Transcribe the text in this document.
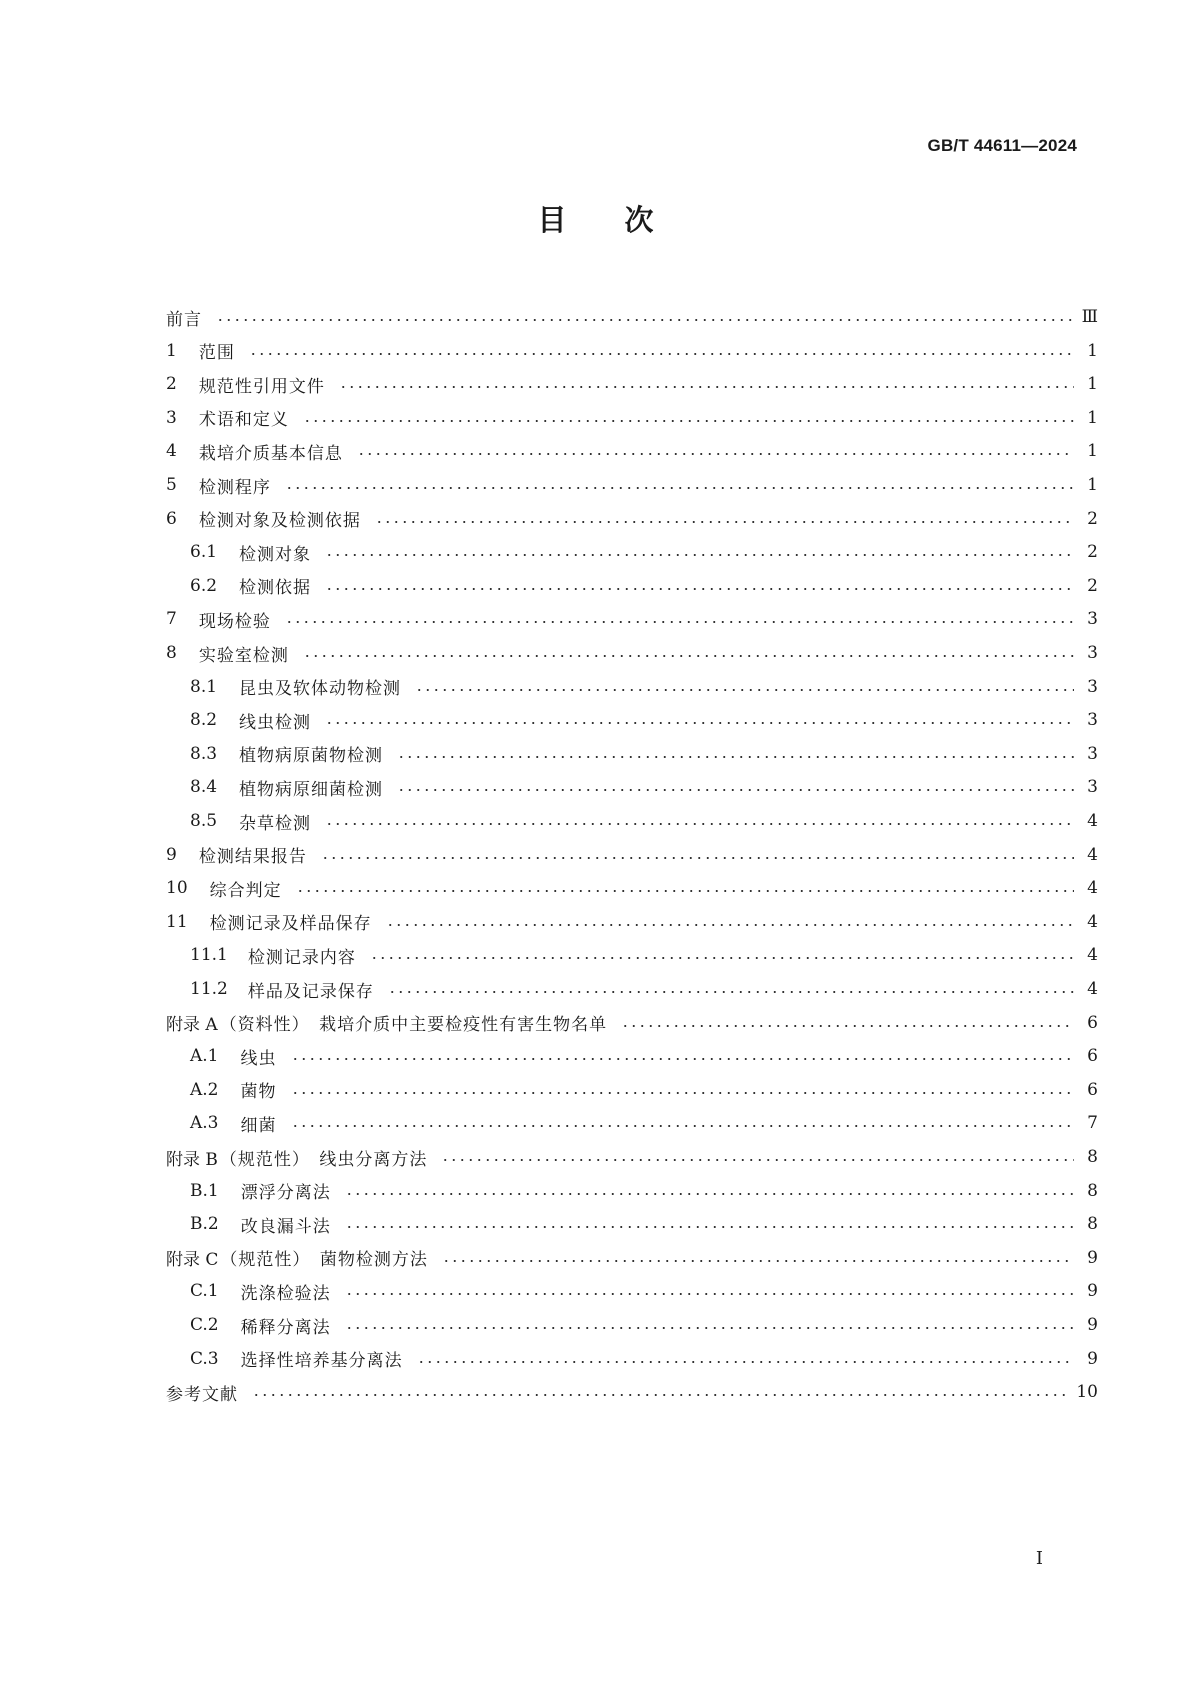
GB/T 44611—2024
目 次
前言	Ⅲ
1 范围	1
2 规范性引用文件	1
3 术语和定义	1
4 栽培介质基本信息	1
5 检测程序	1
6 检测对象及检测依据	2
6.1 检测对象	2
6.2 检测依据	2
7 现场检验	3
8 实验室检测	3
8.1 昆虫及软体动物检测	3
8.2 线虫检测	3
8.3 植物病原菌物检测	3
8.4 植物病原细菌检测	3
8.5 杂草检测	4
9 检测结果报告	4
10 综合判定	4
11 检测记录及样品保存	4
11.1 检测记录内容	4
11.2 样品及记录保存	4
附录 A （资料性）　栽培介质中主要检疫性有害生物名单	6
A.1 线虫	6
A.2 菌物	6
A.3 细菌	7
附录 B （规范性）　线虫分离方法	8
B.1 漂浮分离法	8
B.2 改良漏斗法	8
附录 C （规范性）　菌物检测方法	9
C.1 洗涤检验法	9
C.2 稀释分离法	9
C.3 选择性培养基分离法	9
参考文献	10
I
